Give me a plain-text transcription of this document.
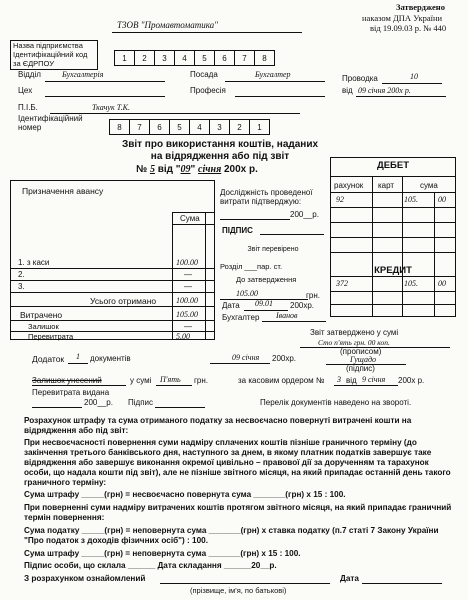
Затверджено
наказом ДПА України
від 19.09.03 р. № 440
Назва підприємства Ідентифікаційний код за ЄДРПОУ
ТЗОВ "Промавтоматика"
1	2	3	4	5	6	7	8
Відділ	Бухгалтерія	Посада	Бухгалтер
Цех	Професія
Проводка	10
від 09 січня 200х р.
П.І.Б.	Ткачук Т.К.
Ідентифікаційний номер	8	7	6	5	4	3	2	1
Звіт про використання коштів, наданих
на відрядження або під звіт
№ 5 від "09" січня 200х р.	ДЕБЕТ
рахунок карт	сума
92	105.	00
КРЕДИТ
372	105.	00
Призначення авансу
Сума
1. з каси	100.00
2.	—
3.	—
Усього отримано 100.00
Витрачено	105.00
Залишок	—
Перевитрата	5.00
Досліджність проведеної витрати підтверджую:
200__р.
ПІДПИС
Звіт перевірено
Розділ ___пар. ст.
До затвердження
105.00	грн.
Дата 09.01 200хр.
Бухгалтер Іванов
Звіт затверджено у сумі
Сто п'ять грн. 00 коп.
(прописом)
Додаток 1 документів	09 січня 200хр.	Гущадо
(підпис)
Залишок унесений	у сумі П'ять грн.	за касовим ордером № 3 від 9 січня 200х р.
Перевитрата видана
200__р. Підпис	Перелік документів наведено на звороті.
Розрахунок штрафу та сума отриманого податку за несвоєчасно повернуті витрачені кошти на відрядження або під звіт:
При несвоєчасності повернення суми надміру сплачених коштів пізніше граничного терміну (до закінчення третього банківського дня, наступного за днем, в якому платник податків завершує таке відрядження або завершує виконання окремої цивільно – правової дії за дорученням та тарахунок особи, що надала кошти під звіт), але не пізніше звітного місяця, на який припадає останній день такого граничного терміну:
Сума штрафу _____(грн) = несвоєчасно повернута сума _______(грн) х 15 : 100.
При поверненні суми надміру витрачених коштів протягом звітного місяця, на який припадає граничний термін повернення:
Сума податку _____(грн) = неповернута сума _______(грн) х ставка податку (п.7 статі 7 Закону України "Про податок з доходів фізичних осіб") : 100.
Сума штрафу _____(грн) = неповернута сума _______(грн) х 15 : 100.
Підпис особи, що склала ______ Дата складання ______20__р.
З розрахунком ознайомлений	Дата
(прізвище, ім'я, по батькові)
